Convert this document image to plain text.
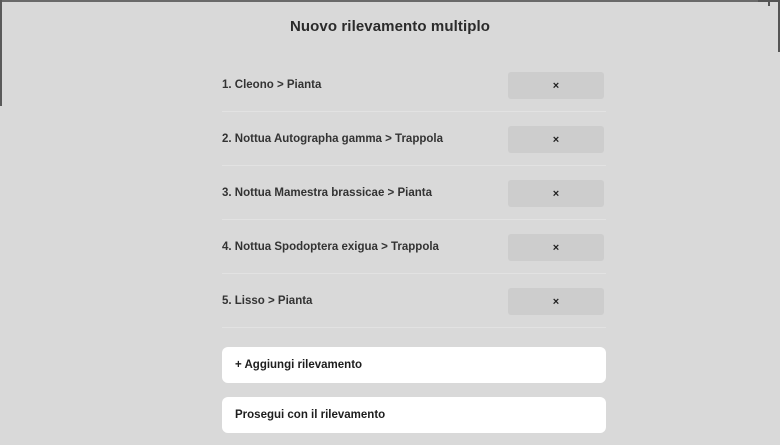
Nuovo rilevamento multiplo
1. Cleono > Pianta	×
2. Nottua Autographa gamma > Trappola	×
3. Nottua Mamestra brassicae > Pianta	×
4. Nottua Spodoptera exigua > Trappola	×
5. Lisso > Pianta	×
+ Aggiungi rilevamento
Prosegui con il rilevamento
